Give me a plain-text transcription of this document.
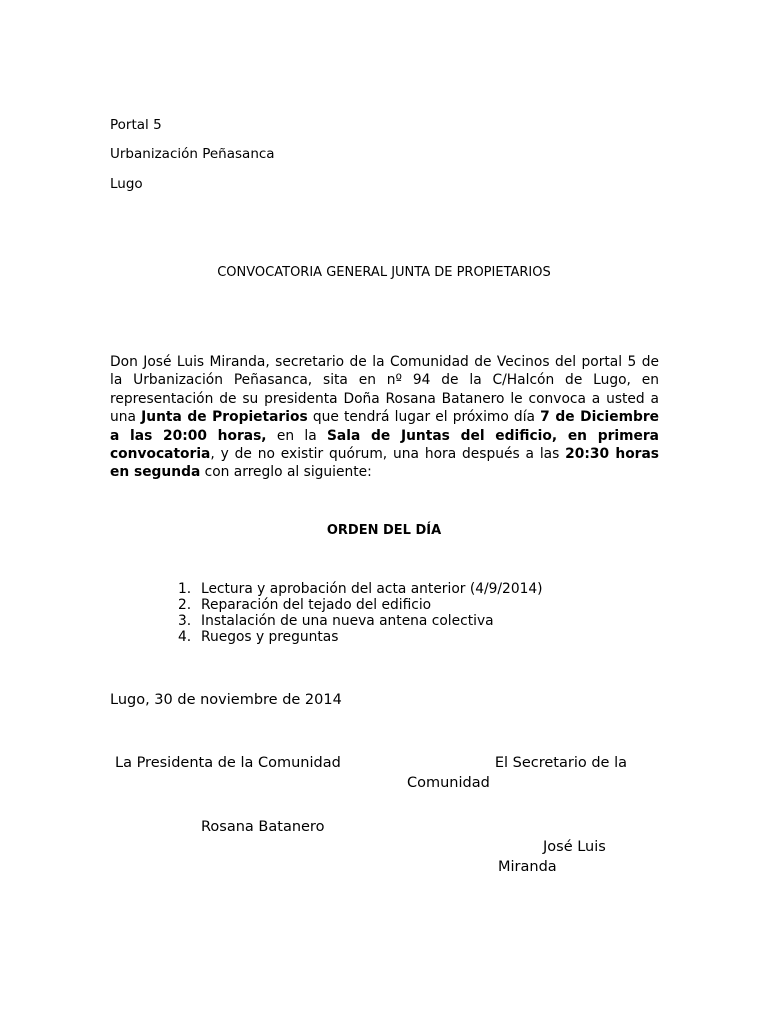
Portal 5
Urbanización Peñasanca
Lugo
CONVOCATORIA GENERAL JUNTA DE PROPIETARIOS

Don José Luis Miranda, secretario de la Comunidad de Vecinos del portal 5 de la Urbanización Peñasanca, sita en nº 94 de la C/Halcón de Lugo, en representación de su presidenta Doña Rosana Batanero le convoca a usted a una Junta de Propietarios que tendrá lugar el próximo día 7 de Diciembre a las 20:00 horas, en la Sala de Juntas del edificio, en primera convocatoria, y de no existir quórum, una hora después a las 20:30 horas en segunda con arreglo al siguiente:

ORDEN DEL DÍA
1. Lectura y aprobación del acta anterior (4/9/2014)
2. Reparación del tejado del edificio
3. Instalación de una nueva antena colectiva
4. Ruegos y preguntas
Lugo, 30 de noviembre de 2014
La Presidenta de la Comunidad	El Secretario de la
Comunidad
Rosana Batanero
José Luis
Miranda
